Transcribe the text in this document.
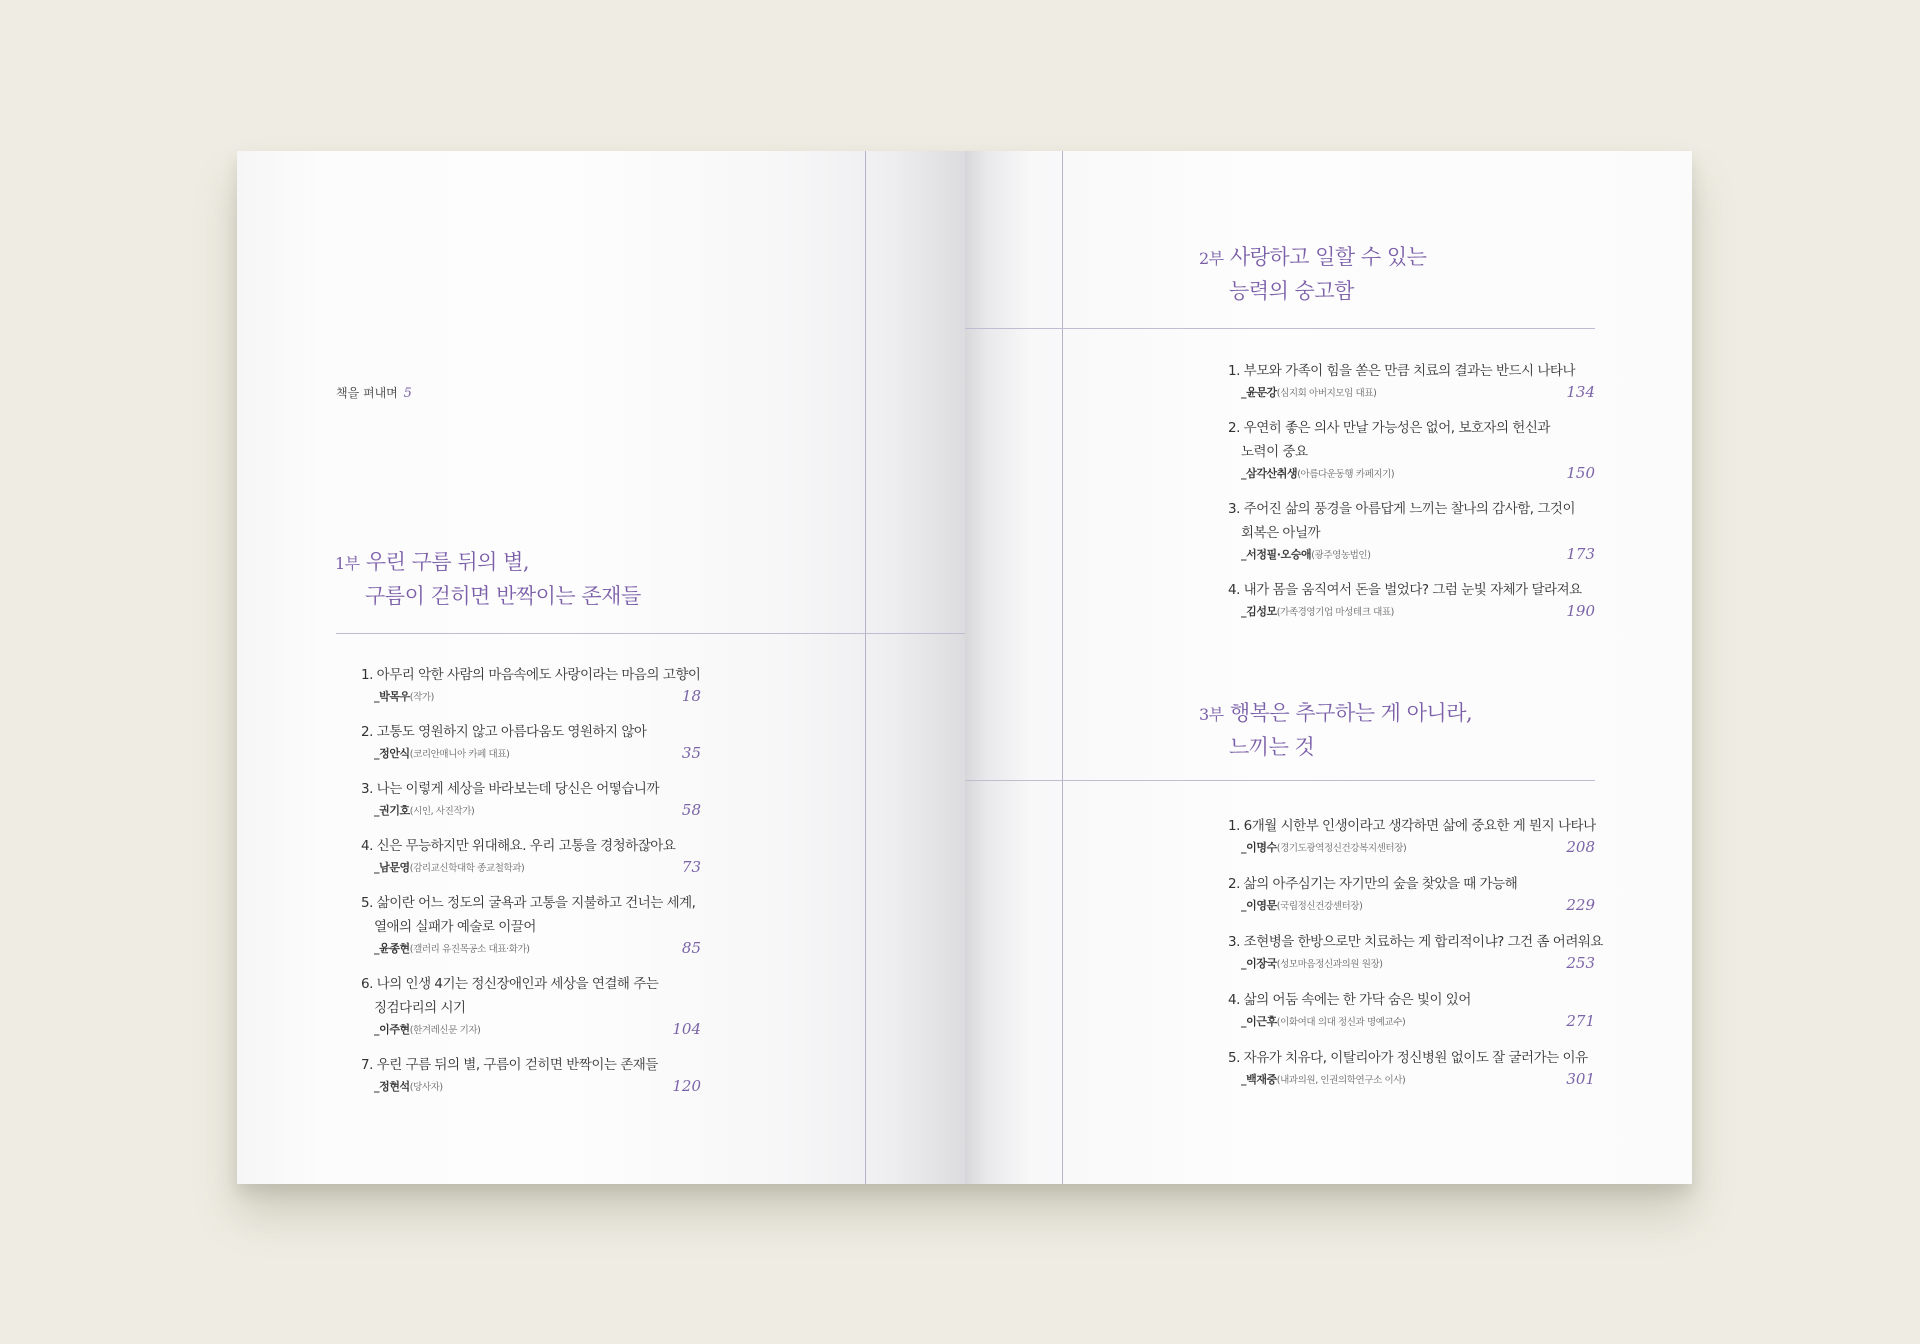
책을 펴내며 5
1부 우린 구름 뒤의 별,
구름이 걷히면 반짝이는 존재들
1. 아무리 악한 사람의 마음속에도 사랑이라는 마음의 고향이
_박목우(작가)	18
2. 고통도 영원하지 않고 아름다움도 영원하지 않아
_정안식(코리안매니아 카페 대표)	35
3. 나는 이렇게 세상을 바라보는데 당신은 어떻습니까
_권기호(시인, 사진작가)	58
4. 신은 무능하지만 위대해요. 우리 고통을 경청하잖아요
_남문영(감리교신학대학 종교철학과)	73
5. 삶이란 어느 정도의 굴욕과 고통을 지불하고 건너는 세계,
열애의 실패가 예술로 이끌어
_윤종현(갤러리 유진목공소 대표·화가)	85
6. 나의 인생 4기는 정신장애인과 세상을 연결해 주는
징검다리의 시기
_이주현(한겨레신문 기자)	104
7. 우린 구름 뒤의 별, 구름이 걷히면 반짝이는 존재들
_정현석(당사자)	120
2부 사랑하고 일할 수 있는
능력의 숭고함
1. 부모와 가족이 힘을 쏟은 만큼 치료의 결과는 반드시 나타나
_윤문강(심지회 아버지모임 대표)	134
2. 우연히 좋은 의사 만날 가능성은 없어, 보호자의 헌신과
노력이 중요
_삼각산취생(아름다운동행 카페지기)	150
3. 주어진 삶의 풍경을 아름답게 느끼는 찰나의 감사함, 그것이
회복은 아닐까
_서정필·오승애(광주영농법인)	173
4. 내가 몸을 움직여서 돈을 벌었다? 그럼 눈빛 자체가 달라져요
_김성모(가족경영기업 마성테크 대표)	190
3부 행복은 추구하는 게 아니라,
느끼는 것
1. 6개월 시한부 인생이라고 생각하면 삶에 중요한 게 뭔지 나타나
_이명수(경기도광역정신건강복지센터장)	208
2. 삶의 아주심기는 자기만의 숲을 찾았을 때 가능해
_이영문(국립정신건강센터장)	229
3. 조현병을 한방으로만 치료하는 게 합리적이냐? 그건 좀 어려워요
_이장국(성모마음정신과의원 원장)	253
4. 삶의 어둠 속에는 한 가닥 숨은 빛이 있어
_이근후(이화여대 의대 정신과 명예교수)	271
5. 자유가 치유다, 이탈리아가 정신병원 없이도 잘 굴러가는 이유
_백재중(내과의원, 인권의학연구소 이사)	301
